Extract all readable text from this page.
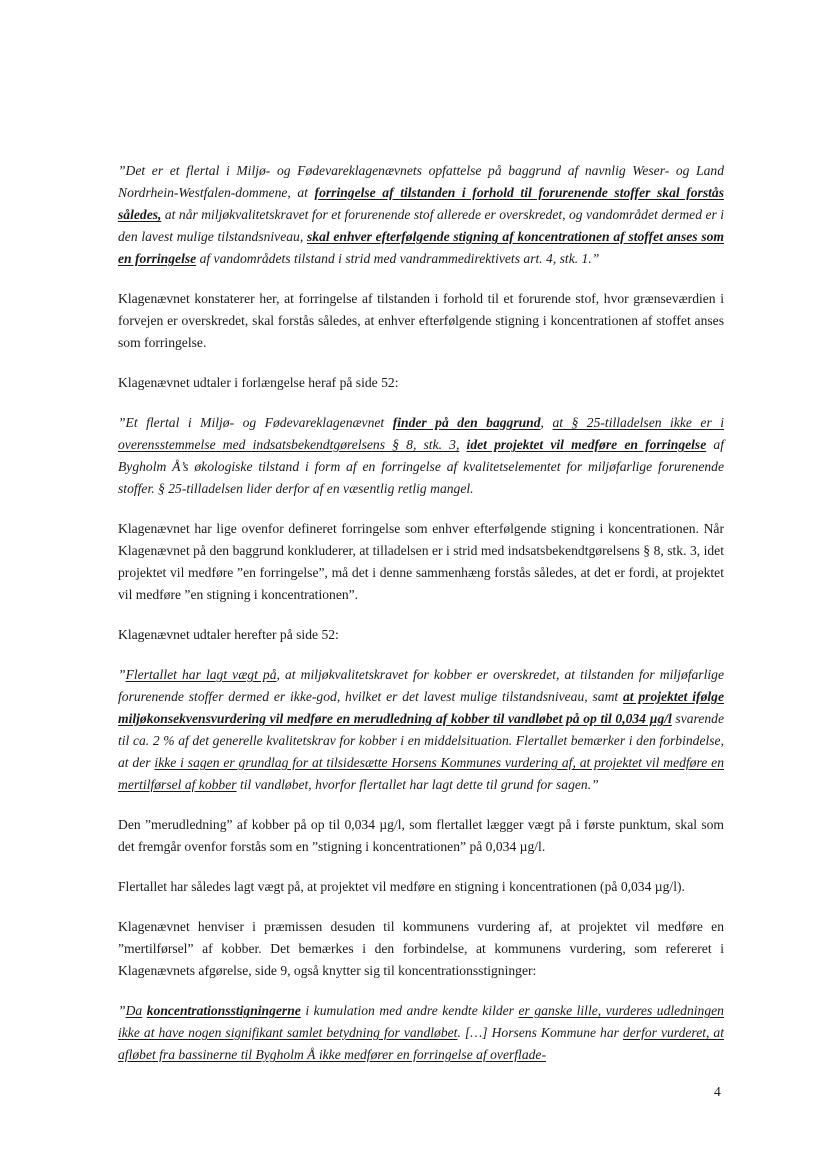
”Det er et flertal i Miljø- og Fødevareklagenævnets opfattelse på baggrund af navnlig Weser- og Land Nordrhein-Westfalen-dommene, at forringelse af tilstanden i forhold til forurenende stoffer skal forstås således, at når miljøkvalitetskravet for et forurenende stof allerede er overskredet, og vandområdet dermed er i den lavest mulige tilstandsniveau, skal enhver efterfølgende stigning af koncentrationen af stoffet anses som en forringelse af vandområdets tilstand i strid med vandrammedirektivets art. 4, stk. 1.”

Klagenævnet konstaterer her, at forringelse af tilstanden i forhold til et forurende stof, hvor grænseværdien i forvejen er overskredet, skal forstås således, at enhver efterfølgende stigning i koncentrationen af stoffet anses som forringelse.

Klagenævnet udtaler i forlængelse heraf på side 52:

”Et flertal i Miljø- og Fødevareklagenævnet finder på den baggrund, at § 25-tilladelsen ikke er i overensstemmelse med indsatsbekendtgørelsens § 8, stk. 3, idet projektet vil medføre en forringelse af Bygholm Å’s økologiske tilstand i form af en forringelse af kvalitetselementet for miljøfarlige forurenende stoffer. § 25-tilladelsen lider derfor af en væsentlig retlig mangel.

Klagenævnet har lige ovenfor defineret forringelse som enhver efterfølgende stigning i koncentrationen. Når Klagenævnet på den baggrund konkluderer, at tilladelsen er i strid med indsatsbekendtgørelsens § 8, stk. 3, idet projektet vil medføre ”en forringelse”, må det i denne sammenhæng forstås således, at det er fordi, at projektet vil medføre ”en stigning i koncentrationen”.

Klagenævnet udtaler herefter på side 52:

”Flertallet har lagt vægt på, at miljøkvalitetskravet for kobber er overskredet, at tilstanden for miljøfarlige forurenende stoffer dermed er ikke-god, hvilket er det lavest mulige tilstandsniveau, samt at projektet ifølge miljøkonsekvensvurdering vil medføre en merudledning af kobber til vandløbet på op til 0,034 µg/l svarende til ca. 2 % af det generelle kvalitetskrav for kobber i en middelsituation. Flertallet bemærker i den forbindelse, at der ikke i sagen er grundlag for at tilsidesætte Horsens Kommunes vurdering af, at projektet vil medføre en mertilførsel af kobber til vandløbet, hvorfor flertallet har lagt dette til grund for sagen.”

Den ”merudledning” af kobber på op til 0,034 µg/l, som flertallet lægger vægt på i første punktum, skal som det fremgår ovenfor forstås som en ”stigning i koncentrationen” på 0,034 µg/l.

Flertallet har således lagt vægt på, at projektet vil medføre en stigning i koncentrationen (på 0,034 µg/l).

Klagenævnet henviser i præmissen desuden til kommunens vurdering af, at projektet vil medføre en ”mertilførsel” af kobber. Det bemærkes i den forbindelse, at kommunens vurdering, som refereret i Klagenævnets afgørelse, side 9, også knytter sig til koncentrationsstigninger:

”Da koncentrationsstigningerne i kumulation med andre kendte kilder er ganske lille, vurderes udledningen ikke at have nogen signifikant samlet betydning for vandløbet. […] Horsens Kommune har derfor vurderet, at afløbet fra bassinerne til Bygholm Å ikke medfører en forringelse af overflade-

4
